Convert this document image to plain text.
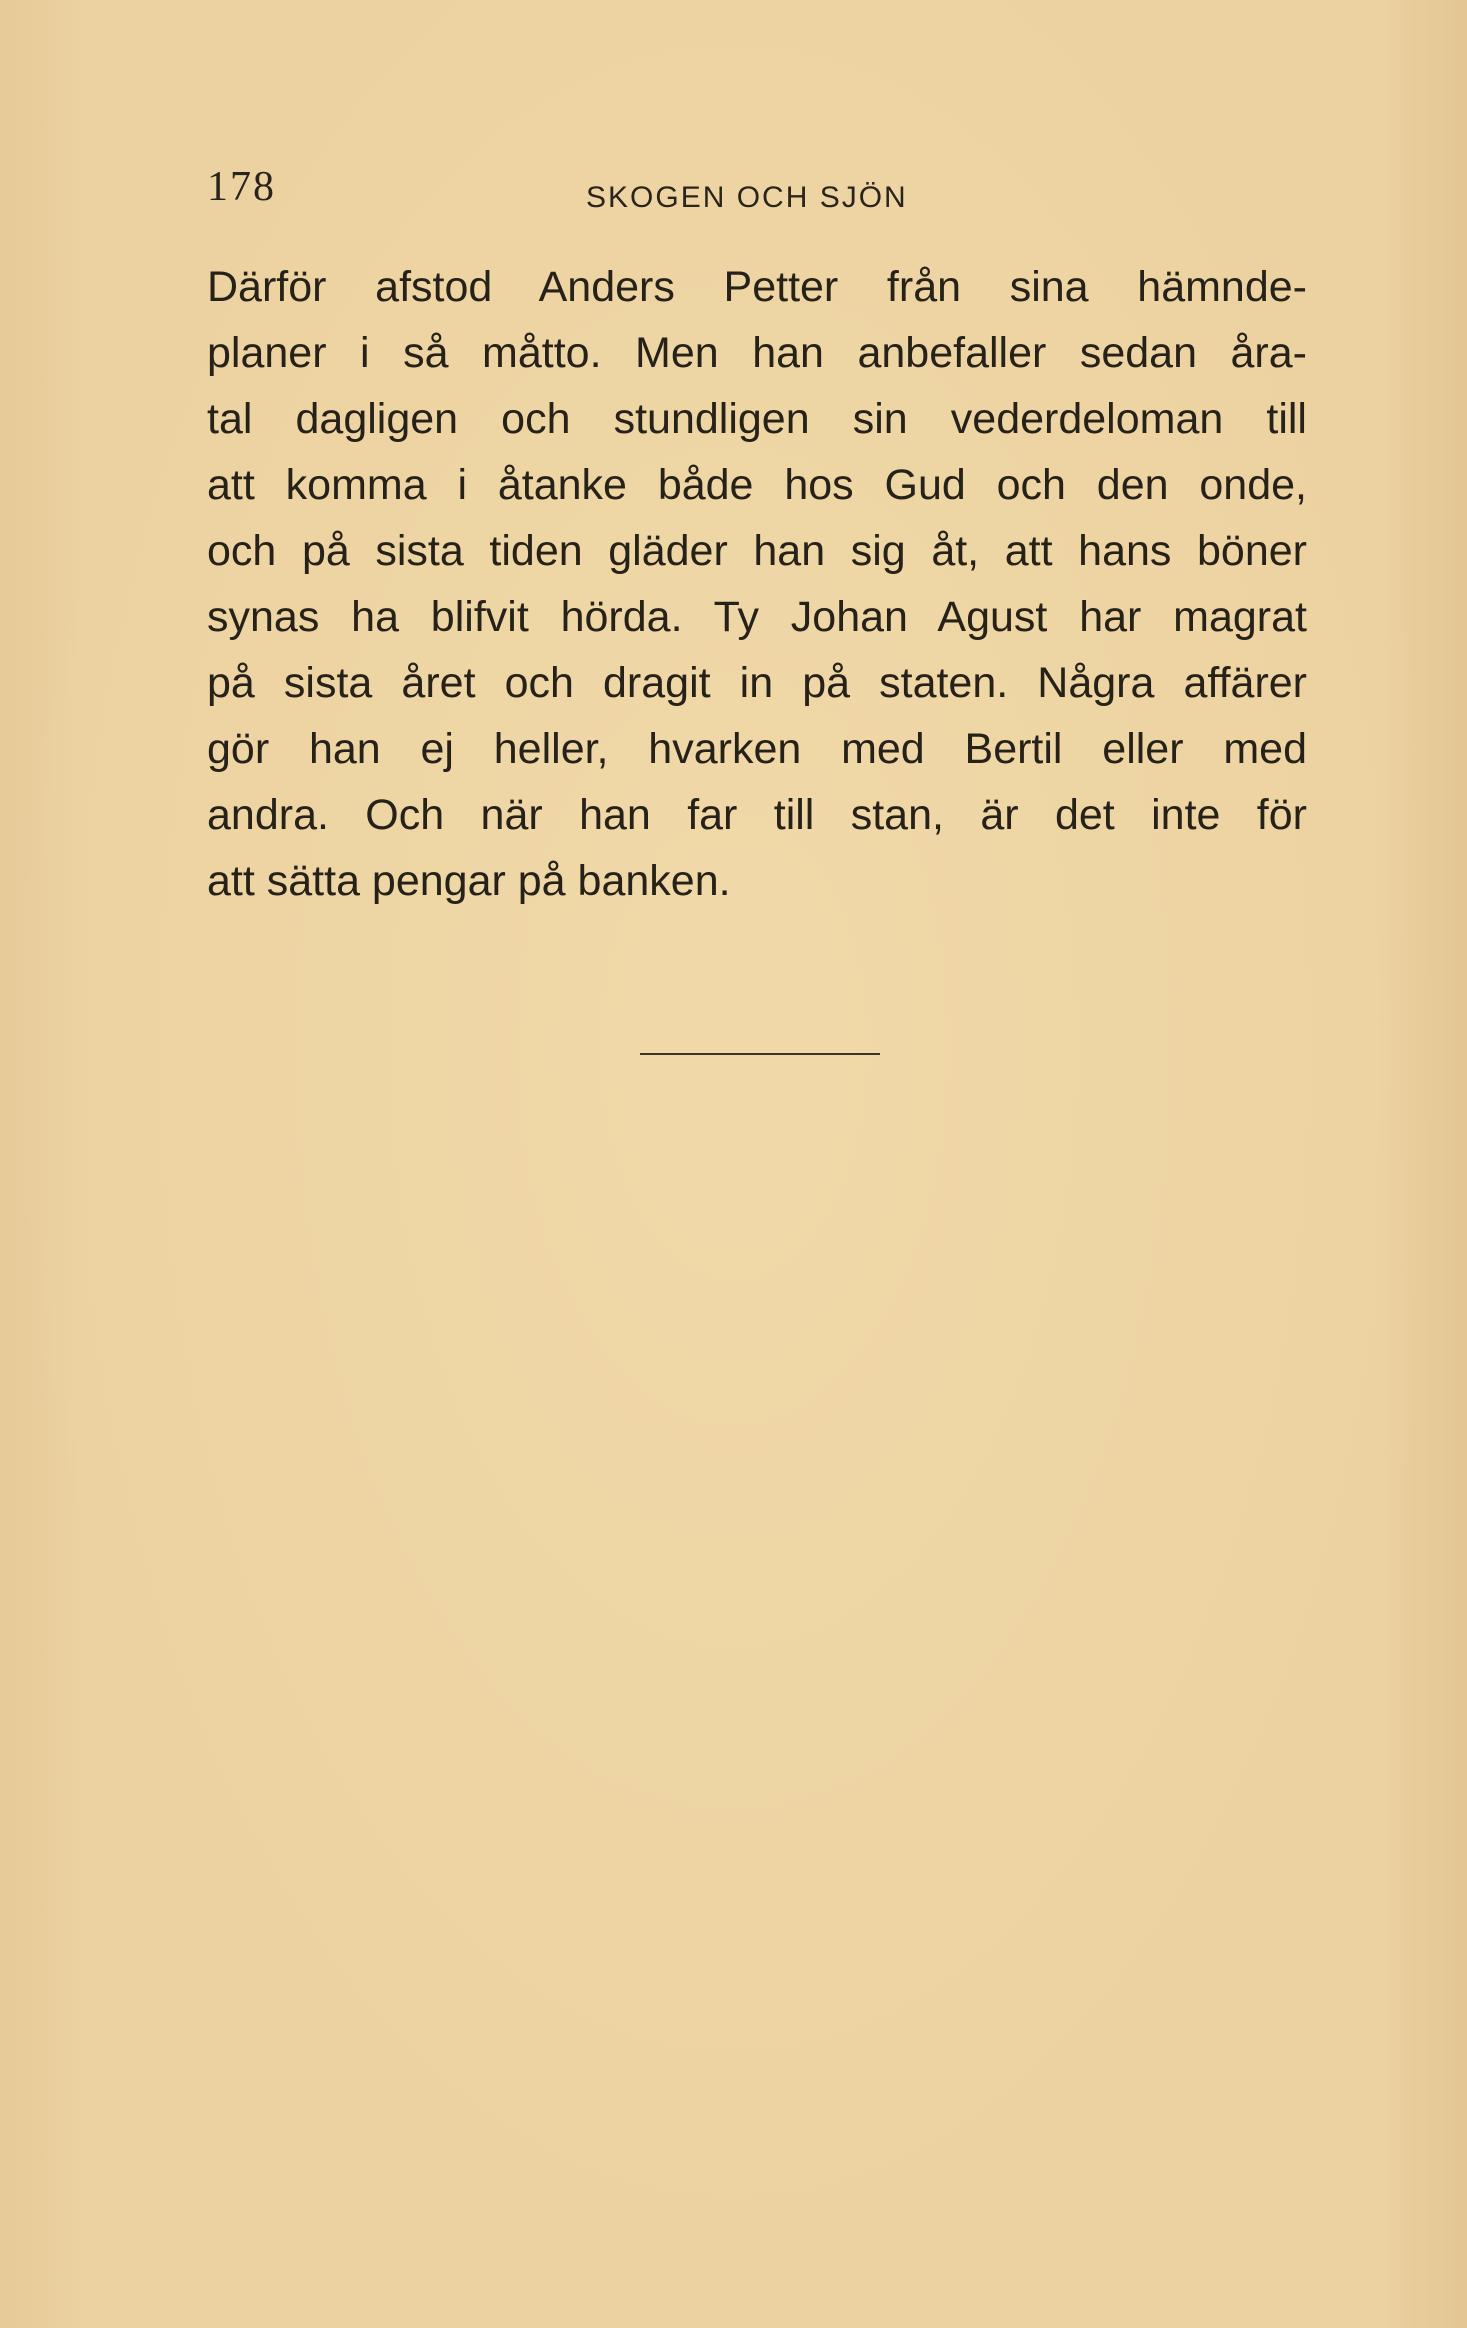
178	SKOGEN OCH SJÖN
Därför afstod Anders Petter från sina hämnde-
planer i så måtto. Men han anbefaller sedan åra-
tal dagligen och stundligen sin vederdeloman till
att komma i åtanke både hos Gud och den onde,
och på sista tiden gläder han sig åt, att hans böner
synas ha blifvit hörda. Ty Johan Agust har magrat
på sista året och dragit in på staten. Några affärer
gör han ej heller, hvarken med Bertil eller med
andra. Och när han far till stan, är det inte för
att sätta pengar på banken.
